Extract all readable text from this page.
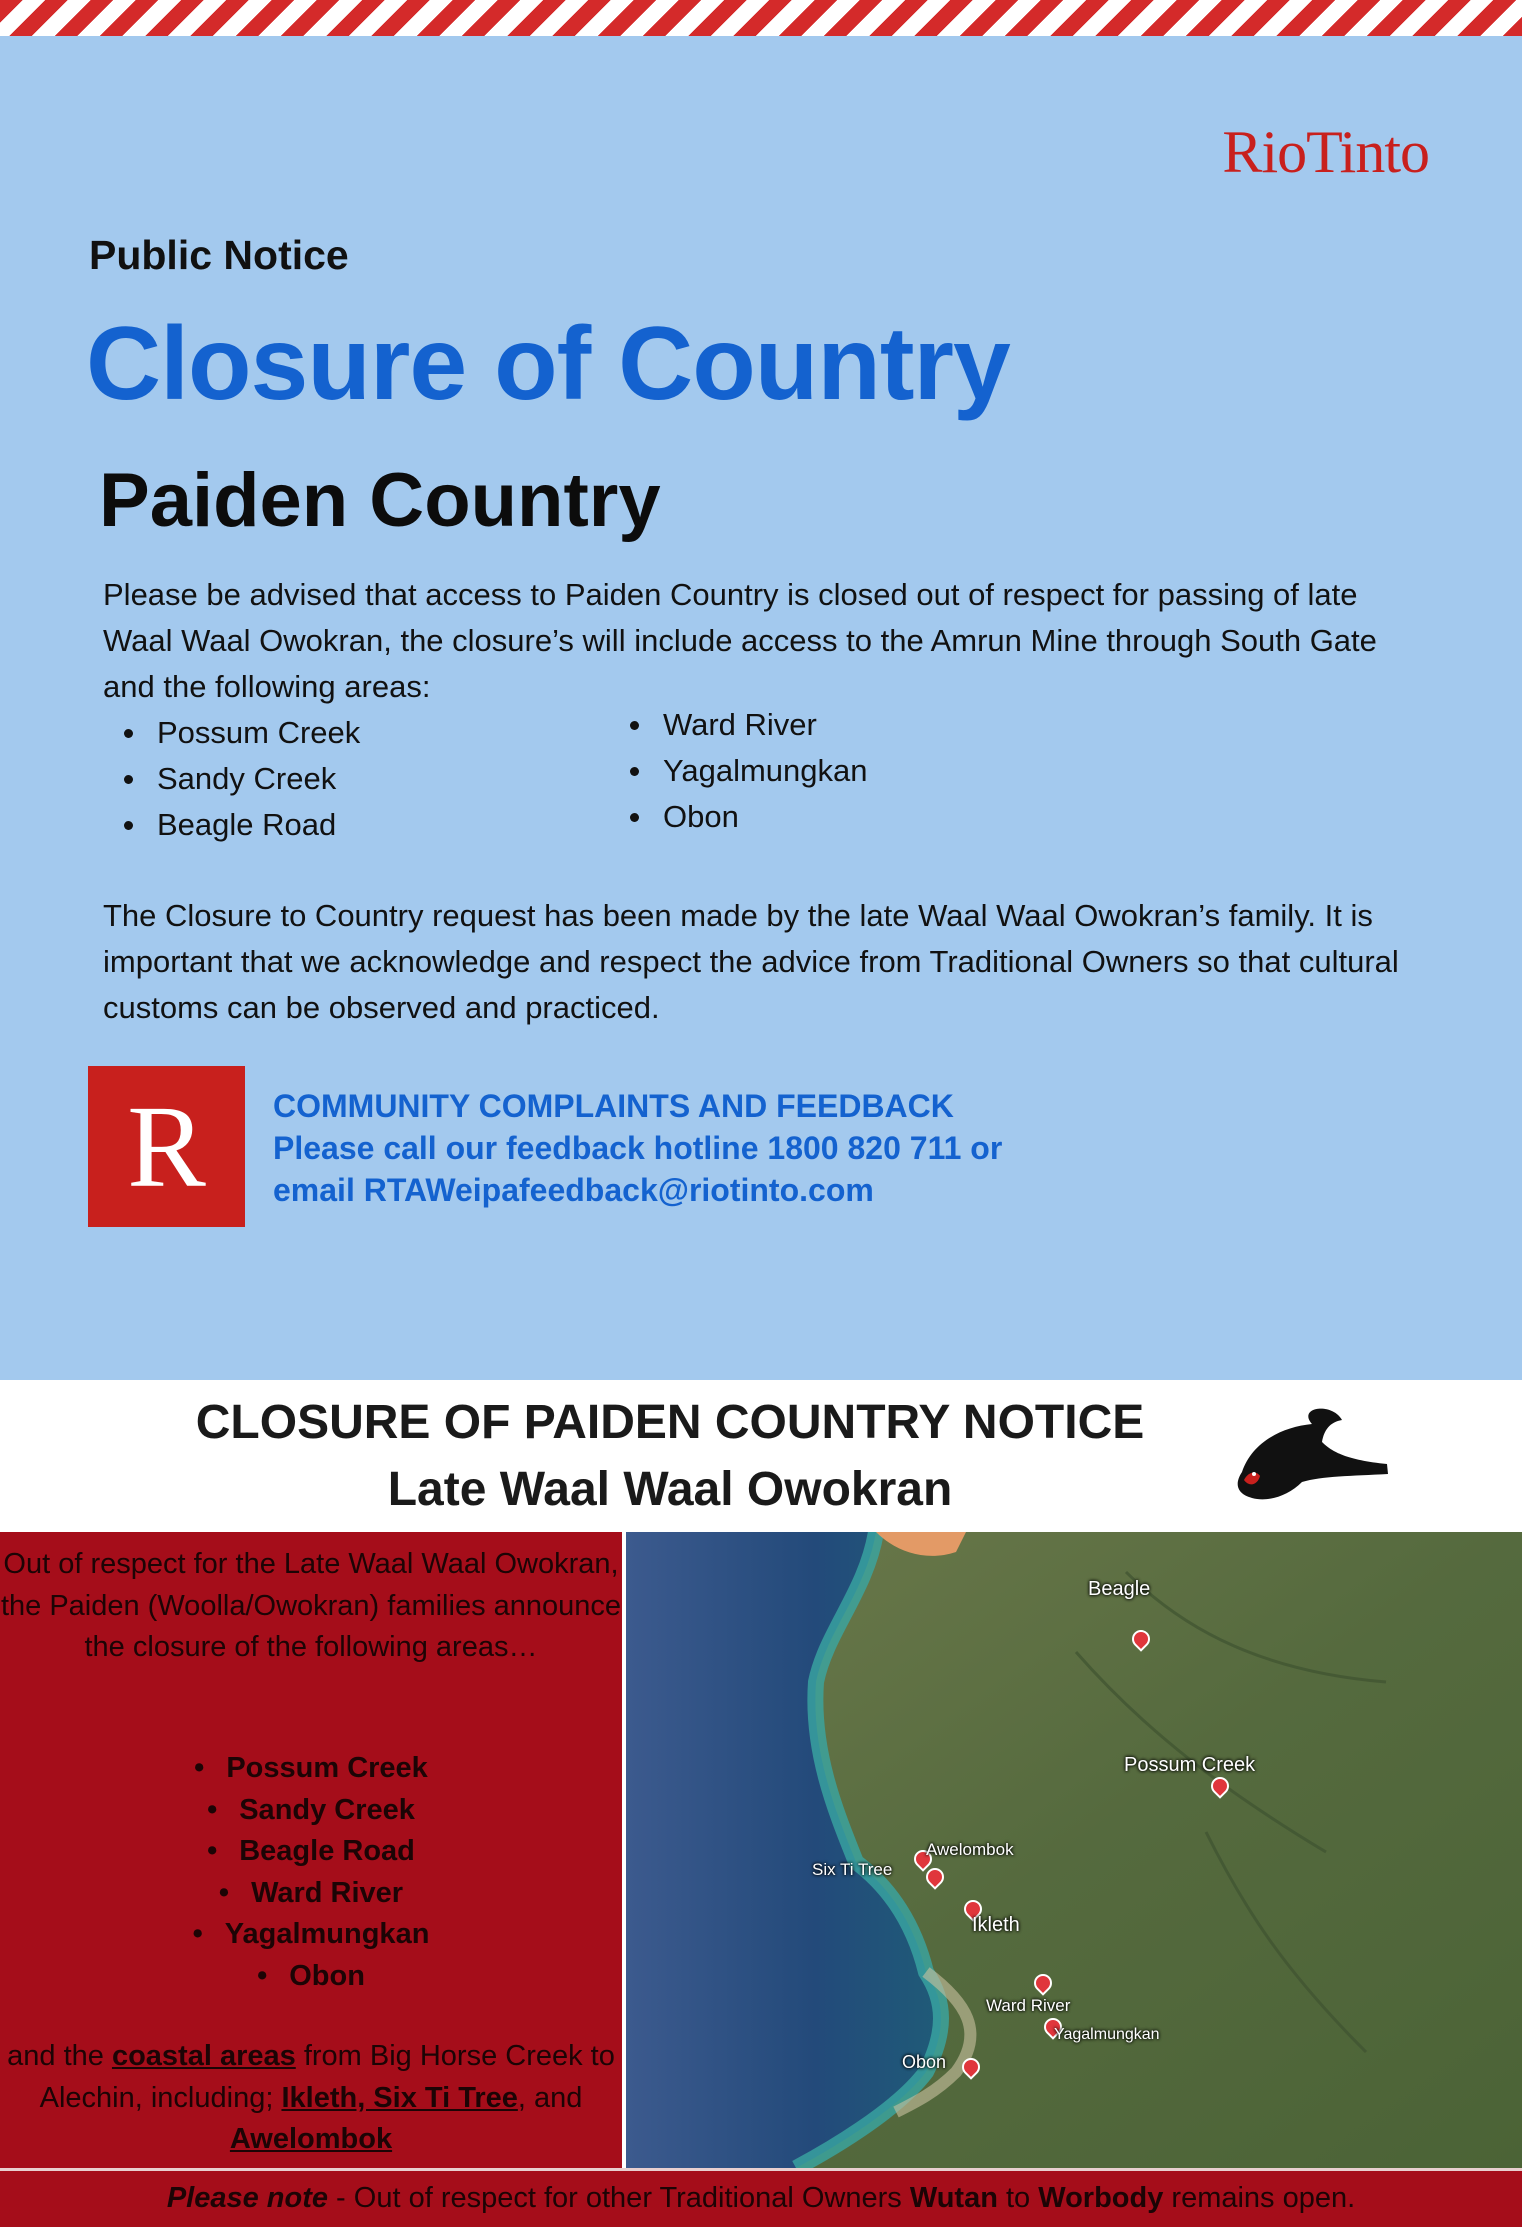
RioTinto
Public Notice
Closure of Country
Paiden Country

Please be advised that access to Paiden Country is closed out of respect for passing of late Waal Waal Owokran, the closure’s will include access to the Amrun Mine through South Gate and the following areas:

Possum Creek
Sandy Creek
Beagle Road
Ward River
Yagalmungkan
Obon

The Closure to Country request has been made by the late Waal Waal Owokran’s family. It is important that we acknowledge and respect the advice from Traditional Owners so that cultural customs can be observed and practiced.

R COMMUNITY COMPLAINTS AND FEEDBACK
Please call our feedback hotline 1800 820 711 or
email RTAWeipafeedback@riotinto.com
CLOSURE OF PAIDEN COUNTRY NOTICE
Late Waal Waal Owokran
Out of respect for the Late Waal Waal Owokran, the Paiden (Woolla/Owokran) families announce the closure of the following areas…
• Possum Creek
• Sandy Creek
• Beagle Road
• Ward River
• Yagalmungkan
• Obon
and the coastal areas from Big Horse Creek to Alechin, including; Ikleth, Six Ti Tree, and
Awelombok
Beagle
Possum Creek
Awelombok
Six Ti Tree
Ikleth
Ward River
Yagalmungkan
Obon
Please note - Out of respect for other Traditional Owners Wutan to Worbody remains open.
